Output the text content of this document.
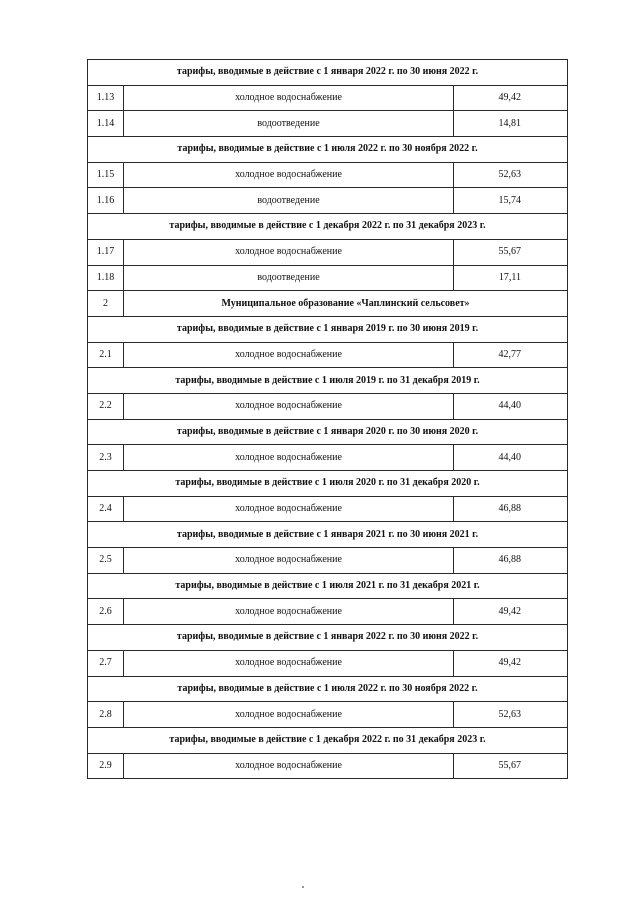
тарифы, вводимые в действие с 1 января 2022 г. по 30 июня 2022 г.		
1.13	холодное водоснабжение	49,42
1.14	водоотведение	14,81
тарифы, вводимые в действие с 1 июля 2022 г. по 30 ноября 2022 г.		
1.15	холодное водоснабжение	52,63
1.16	водоотведение	15,74
тарифы, вводимые в действие с 1 декабря 2022 г. по 31 декабря 2023 г.		
1.17	холодное водоснабжение	55,67
1.18	водоотведение	17,11
2	Муниципальное образование «Чаплинский сельсовет»	
тарифы, вводимые в действие с 1 января 2019 г. по 30 июня 2019 г.		
2.1	холодное водоснабжение	42,77
тарифы, вводимые в действие с 1 июля 2019 г. по 31 декабря 2019 г.		
2.2	холодное водоснабжение	44,40
тарифы, вводимые в действие с 1 января 2020 г. по 30 июня 2020 г.		
2.3	холодное водоснабжение	44,40
тарифы, вводимые в действие с 1 июля 2020 г. по 31 декабря 2020 г.		
2.4	холодное водоснабжение	46,88
тарифы, вводимые в действие с 1 января 2021 г. по 30 июня 2021 г.		
2.5	холодное водоснабжение	46,88
тарифы, вводимые в действие с 1 июля 2021 г. по 31 декабря 2021 г.		
2.6	холодное водоснабжение	49,42
тарифы, вводимые в действие с 1 января 2022 г. по 30 июня 2022 г.		
2.7	холодное водоснабжение	49,42
тарифы, вводимые в действие с 1 июля 2022 г. по 30 ноября 2022 г.		
2.8	холодное водоснабжение	52,63
тарифы, вводимые в действие с 1 декабря 2022 г. по 31 декабря 2023 г.		
2.9	холодное водоснабжение	55,67
